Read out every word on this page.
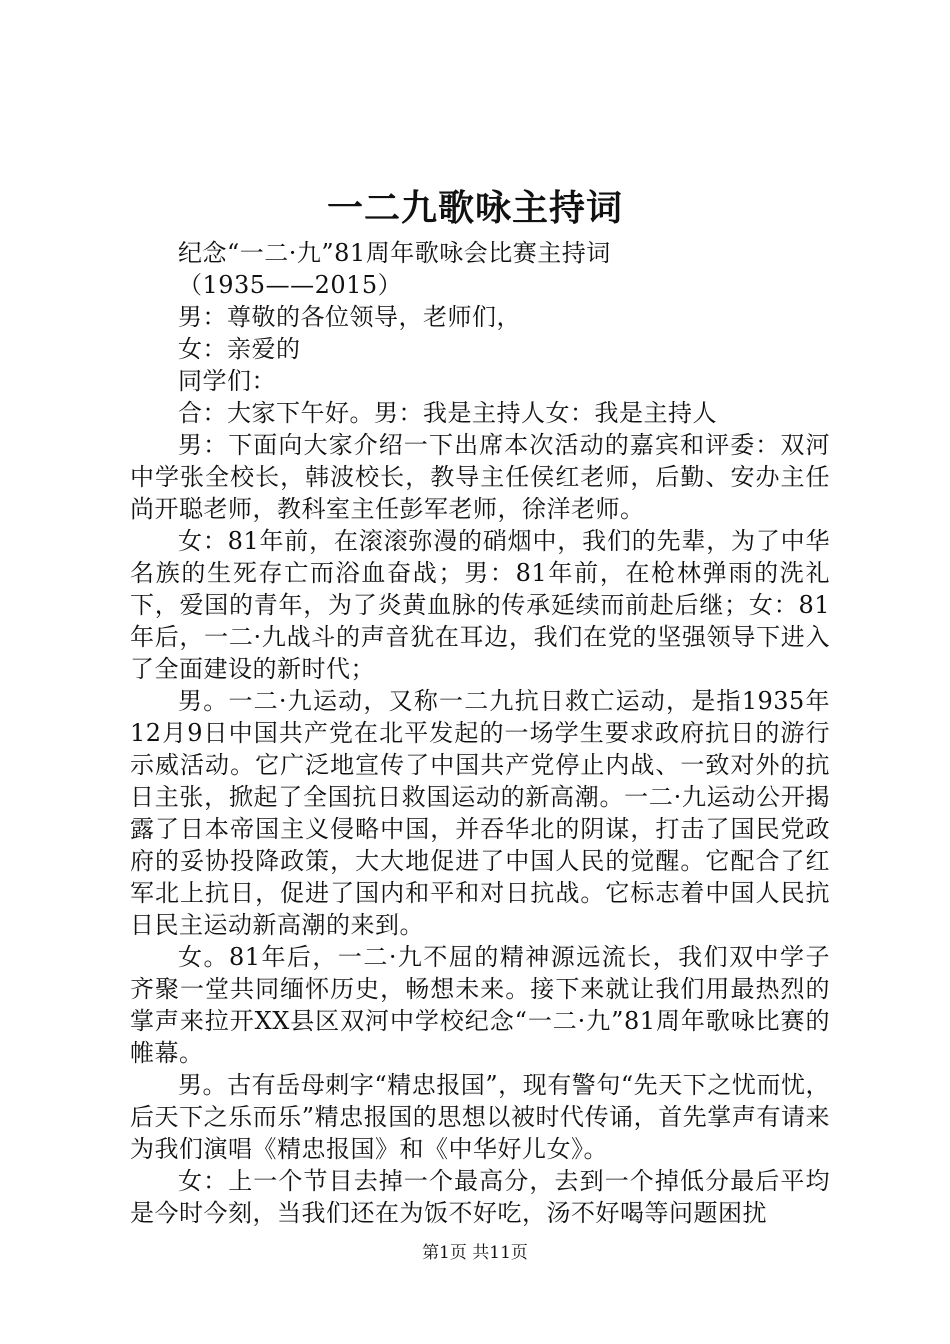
一二九歌咏主持词

纪念“一二·九”81周年歌咏会比赛主持词

（1935——2015）

男：尊敬的各位领导，老师们，

女：亲爱的

同学们：

合：大家下午好。男：我是主持人女：我是主持人

男：下面向大家介绍一下出席本次活动的嘉宾和评委：双河中学张全校长，韩波校长，教导主任侯红老师，后勤、安办主任尚开聪老师，教科室主任彭军老师，徐洋老师。

女：81年前，在滚滚弥漫的硝烟中，我们的先辈，为了中华名族的生死存亡而浴血奋战；男：81年前，在枪林弹雨的洗礼下，爱国的青年，为了炎黄血脉的传承延续而前赴后继；女：81年后，一二·九战斗的声音犹在耳边，我们在党的坚强领导下进入了全面建设的新时代；

男。一二·九运动，又称一二九抗日救亡运动，是指1935年12月9日中国共产党在北平发起的一场学生要求政府抗日的游行示威活动。它广泛地宣传了中国共产党停止内战、一致对外的抗日主张，掀起了全国抗日救国运动的新高潮。一二·九运动公开揭露了日本帝国主义侵略中国，并吞华北的阴谋，打击了国民党政府的妥协投降政策，大大地促进了中国人民的觉醒。它配合了红军北上抗日，促进了国内和平和对日抗战。它标志着中国人民抗日民主运动新高潮的来到。

女。81年后，一二·九不屈的精神源远流长，我们双中学子齐聚一堂共同缅怀历史，畅想未来。接下来就让我们用最热烈的掌声来拉开XX县区双河中学校纪念“一二·九”81周年歌咏比赛的帷幕。

男。古有岳母刺字“精忠报国”，现有警句“先天下之忧而忧，后天下之乐而乐”精忠报国的思想以被时代传诵，首先掌声有请来为我们演唱《精忠报国》和《中华好儿女》。

女：上一个节目去掉一个最高分，去到一个掉低分最后平均是今时今刻，当我们还在为饭不好吃，汤不好喝等问题困扰

第1页 共11页
